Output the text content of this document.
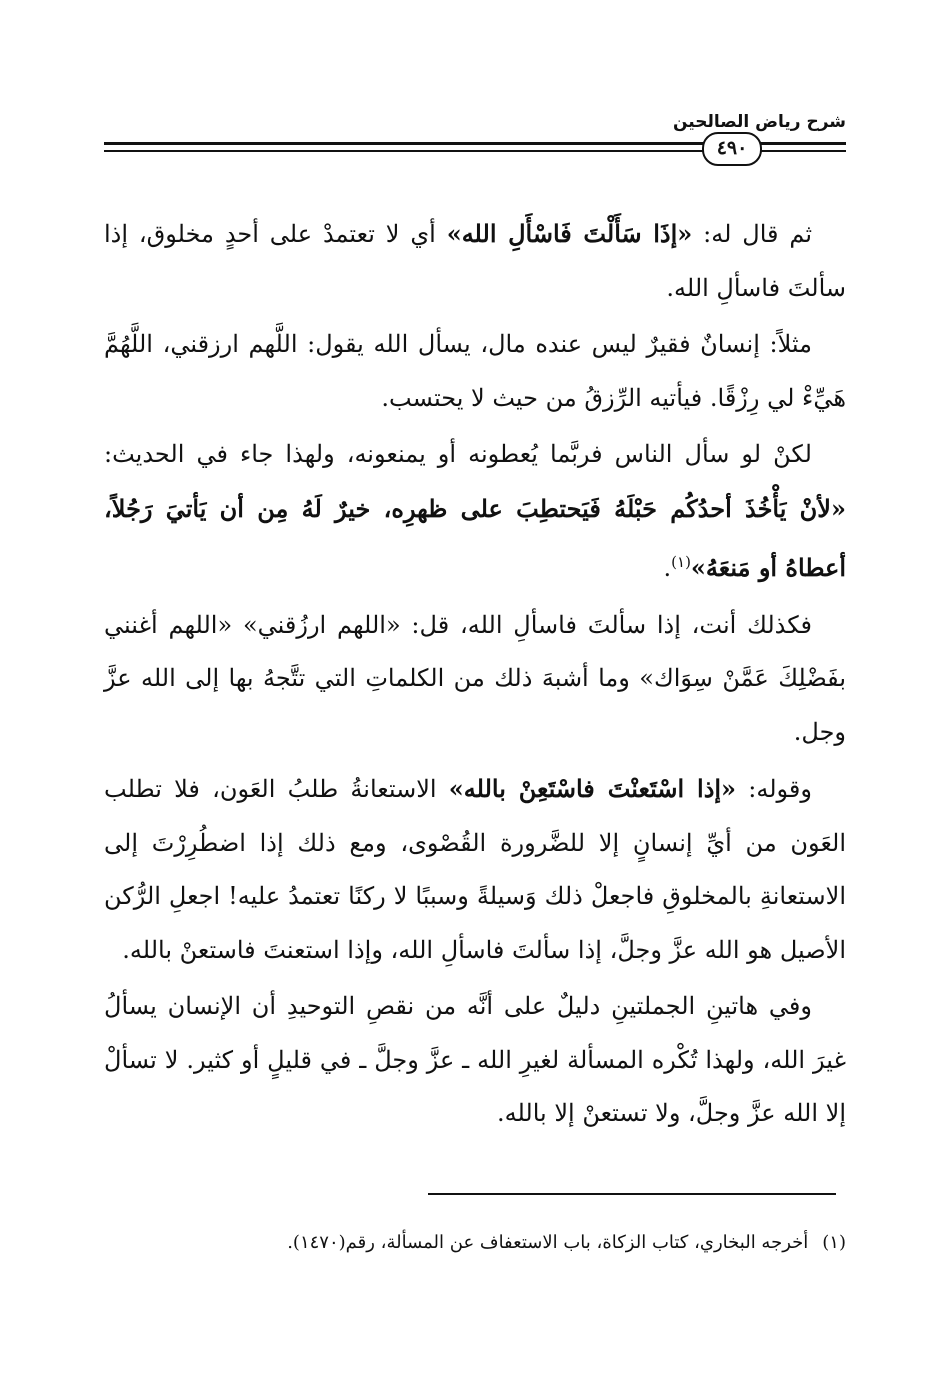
شرح رياض الصالحين
٤٩٠

ثم قال له: «إذَا سَأَلْتَ فَاسْأَلِ الله» أي لا تعتمدْ على أحدٍ مخلوق، إذا سألتَ فاسألِ الله.

مثلاً: إنسانٌ فقيرٌ ليس عنده مال، يسأل الله يقول: اللَّهم ارزقني، اللَّهُمَّ هَيِّءْ لي رِزْقًا. فيأتيه الرِّزقُ من حيث لا يحتسب.

لكنْ لو سأل الناس فربَّما يُعطونه أو يمنعونه، ولهذا جاء في الحديث: «لأنْ يَأْخُذَ أحدُكُم حَبْلَهُ فَيَحتطِبَ على ظهرِه، خيرٌ لَهُ مِن أن يَأتيَ رَجُلاً، أعطاهُ أو مَنعَهُ»$^{(١)}$.

فكذلك أنت، إذا سألتَ فاسألِ الله، قل: «اللهم ارزُقني» «اللهم أغنني بفَضْلِكَ عَمَّنْ سِوَاك» وما أشبهَ ذلك من الكلماتِ التي تتَّجهُ بها إلى الله عزَّ وجل.

وقوله: «إذا اسْتَعنْتَ فاسْتَعِنْ بالله» الاستعانةُ طلبُ العَون، فلا تطلب العَون من أيِّ إنسانٍ إلا للضَّرورة القُصْوى، ومع ذلك إذا اضطُرِرْتَ إلى الاستعانةِ بالمخلوقِ فاجعلْ ذلك وَسيلةً وسببًا لا ركنًا تعتمدُ عليه! اجعلِ الرُّكن الأصيل هو الله عزَّ وجلَّ، إذا سألتَ فاسألِ الله، وإذا استعنتَ فاستعنْ بالله.

وفي هاتينِ الجملتينِ دليلٌ على أنَّه من نقصِ التوحيدِ أن الإنسان يسألُ غيرَ الله، ولهذا تُكْره المسألة لغيرِ الله ـ عزَّ وجلَّ ـ في قليلٍ أو كثير. لا تسألْ إلا الله عزَّ وجلَّ، ولا تستعنْ إلا بالله.

(١)أخرجه البخاري، كتاب الزكاة، باب الاستعفاف عن المسألة، رقم(١٤٧٠).
